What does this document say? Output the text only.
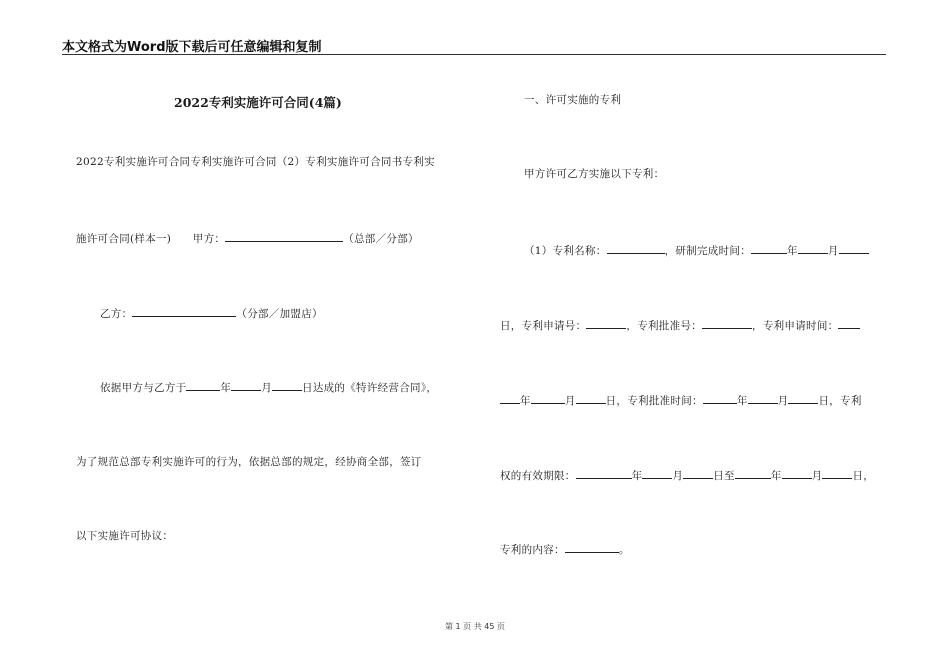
本文格式为Word版下载后可任意编辑和复制
2022专利实施许可合同(4篇)
2022专利实施许可合同专利实施许可合同（2）专利实施许可合同书专利实
施许可合同(样本一)　　甲方：	（总部／分部）
乙方：	（分部／加盟店）
依据甲方与乙方于	年	月	日达成的《特许经营合同》，
为了规范总部专利实施许可的行为，依据总部的规定，经协商全部，签订
以下实施许可协议：
一、许可实施的专利
甲方许可乙方实施以下专利：
（1）专利名称：	，研制完成时间：	年	月
日，专利申请号：	，专利批准号：	，专利申请时间：
年	月	日，专利批准时间：	年	月	日，专利
权的有效期限：	年	月	日至	年	月	日，
专利的内容：	。
第 1 页 共 45 页
